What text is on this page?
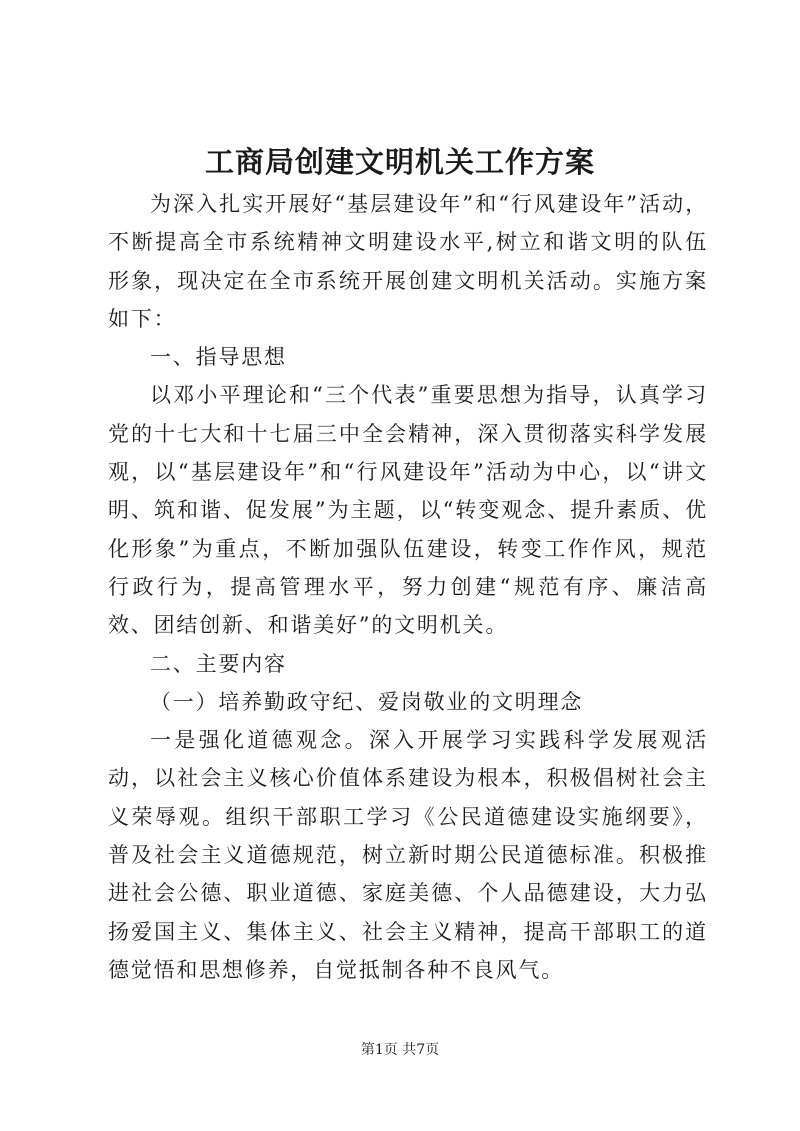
工商局创建文明机关工作方案

为深入扎实开展好“基层建设年”和“行风建设年”活动，不断提高全市系统精神文明建设水平,树立和谐文明的队伍形象，现决定在全市系统开展创建文明机关活动。实施方案如下：

一、指导思想

以邓小平理论和“三个代表”重要思想为指导，认真学习党的十七大和十七届三中全会精神，深入贯彻落实科学发展观，以“基层建设年”和“行风建设年”活动为中心，以“讲文明、筑和谐、促发展”为主题，以“转变观念、提升素质、优化形象”为重点，不断加强队伍建设，转变工作作风，规范行政行为，提高管理水平，努力创建“规范有序、廉洁高效、团结创新、和谐美好”的文明机关。

二、主要内容

（一）培养勤政守纪、爱岗敬业的文明理念

一是强化道德观念。深入开展学习实践科学发展观活动，以社会主义核心价值体系建设为根本，积极倡树社会主义荣辱观。组织干部职工学习《公民道德建设实施纲要》，普及社会主义道德规范，树立新时期公民道德标准。积极推进社会公德、职业道德、家庭美德、个人品德建设，大力弘扬爱国主义、集体主义、社会主义精神，提高干部职工的道德觉悟和思想修养，自觉抵制各种不良风气。

第1页 共7页
